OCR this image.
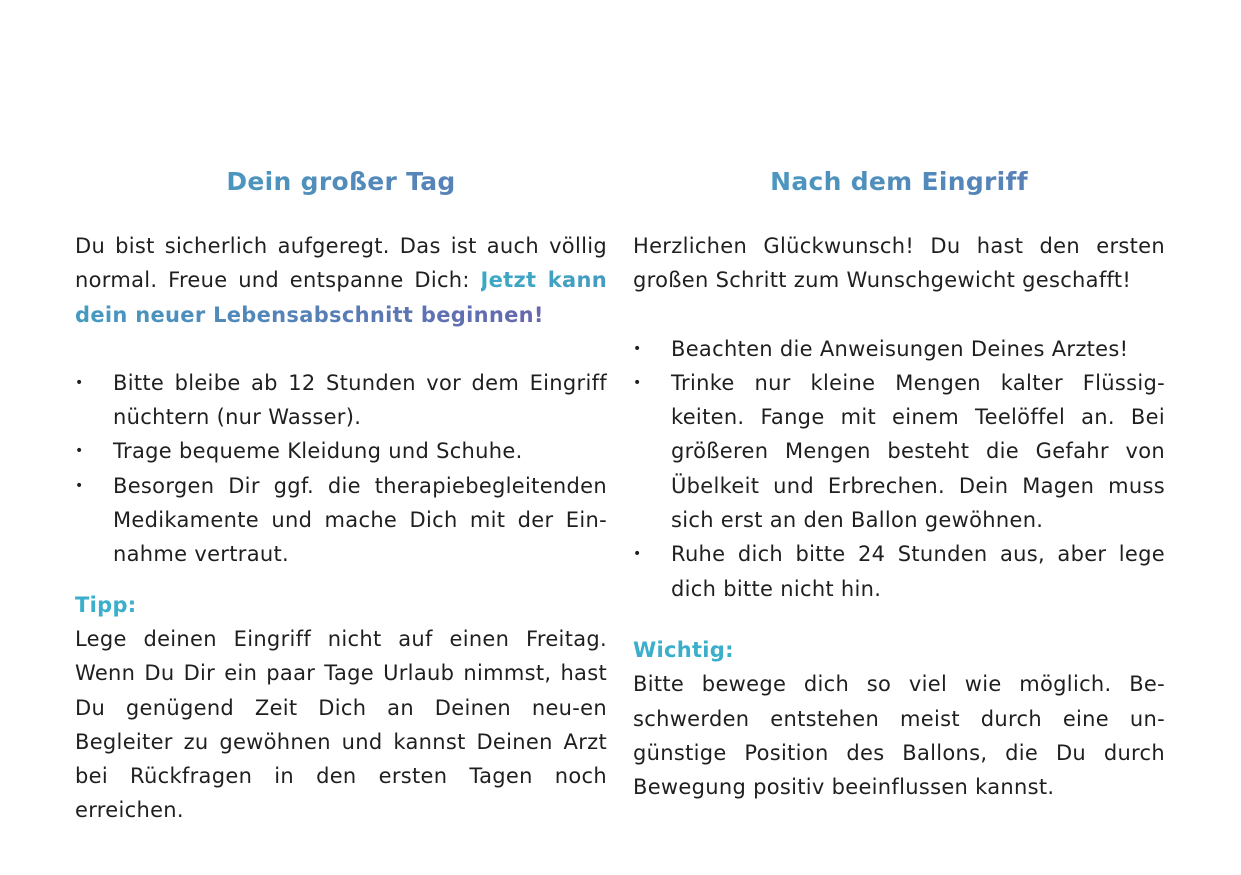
Dein großer Tag

Du bist sicherlich aufgeregt. Das ist auch völlig normal. Freue und entspanne Dich: Jetzt kann dein neuer Lebensabschnitt beginnen!

• Bitte bleibe ab 12 Stunden vor dem Eingriff nüchtern (nur Wasser).
• Trage bequeme Kleidung und Schuhe.
• Besorgen Dir ggf. die therapiebegleitenden Medikamente und mache Dich mit der Ein-nahme vertraut.

Tipp:

Lege deinen Eingriff nicht auf einen Freitag. Wenn Du Dir ein paar Tage Urlaub nimmst, hast Du genügend Zeit Dich an Deinen neu-en Begleiter zu gewöhnen und kannst Deinen Arzt bei Rückfragen in den ersten Tagen noch erreichen.

Nach dem Eingriff

Herzlichen Glückwunsch! Du hast den ersten großen Schritt zum Wunschgewicht geschafft!

• Beachten die Anweisungen Deines Arztes!
• Trinke nur kleine Mengen kalter Flüssig-keiten. Fange mit einem Teelöffel an. Bei größeren Mengen besteht die Gefahr von Übelkeit und Erbrechen. Dein Magen muss sich erst an den Ballon gewöhnen.
• Ruhe dich bitte 24 Stunden aus, aber lege dich bitte nicht hin.

Wichtig:

Bitte bewege dich so viel wie möglich. Be-schwerden entstehen meist durch eine un-günstige Position des Ballons, die Du durch Bewegung positiv beeinflussen kannst.
